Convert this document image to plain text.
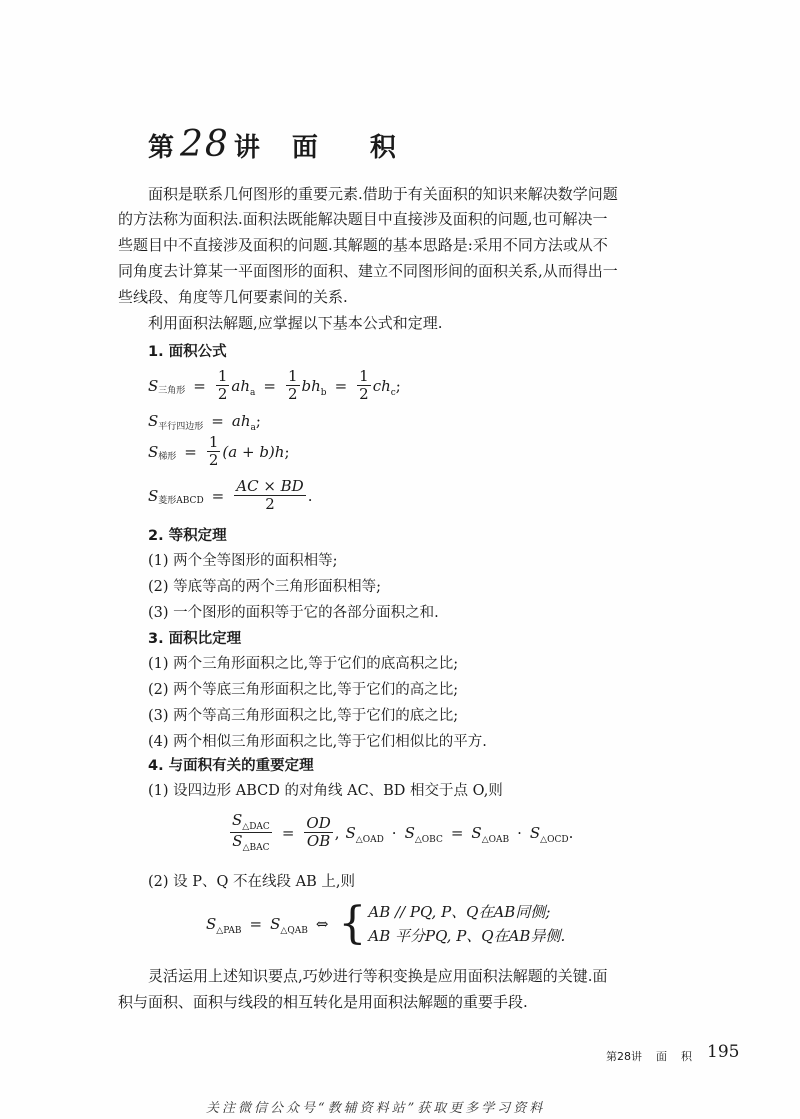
第 28 讲 面 积
面积是联系几何图形的重要元素.借助于有关面积的知识来解决数学问题
的方法称为面积法.面积法既能解决题目中直接涉及面积的问题,也可解决一
些题目中不直接涉及面积的问题.其解题的基本思路是:采用不同方法或从不
同角度去计算某一平面图形的面积、建立不同图形间的面积关系,从而得出一
些线段、角度等几何要素间的关系.
利用面积法解题,应掌握以下基本公式和定理.
1. 面积公式
S 三角形 = $\frac{1}{2} ah_a = \frac{1}{2} bh_b = \frac{1}{2} ch_c$ ;
S 平行四边形 = $ah_a$ ;
S 梯形 = $\frac{1}{2} (a + b)h$ ;
S 菱形ABCD = $\frac{AC \times BD}{2}$ .
2. 等积定理
(1) 两个全等图形的面积相等;
(2) 等底等高的两个三角形面积相等;
(3) 一个图形的面积等于它的各部分面积之和.
3. 面积比定理
(1) 两个三角形面积之比,等于它们的底高积之比;
(2) 两个等底三角形面积之比,等于它们的高之比;
(3) 两个等高三角形面积之比,等于它们的底之比;
(4) 两个相似三角形面积之比,等于它们相似比的平方.
4. 与面积有关的重要定理
(1) 设四边形 ABCD 的对角线 AC、BD 相交于点 O,则
$\frac{S_{\triangle DAC}}{S_{\triangle BAC}} = \frac{OD}{OB}$ , $S_{\triangle OAD} \cdot S_{\triangle OBC} = S_{\triangle OAB} \cdot S_{\triangle OCD}$ .
(2) 设 P、Q 不在线段 AB 上,则
$S_{\triangle PAB} = S_{\triangle QAB}$ ⇔ { AB // PQ, P、Q在AB同侧;
AB 平分PQ, P、Q在AB异侧.
灵活运用上述知识要点,巧妙进行等积变换是应用面积法解题的关键.面
积与面积、面积与线段的相互转化是用面积法解题的重要手段.
第28讲 面 积 195
关注微信公众号“教辅资料站”获取更多学习资料
